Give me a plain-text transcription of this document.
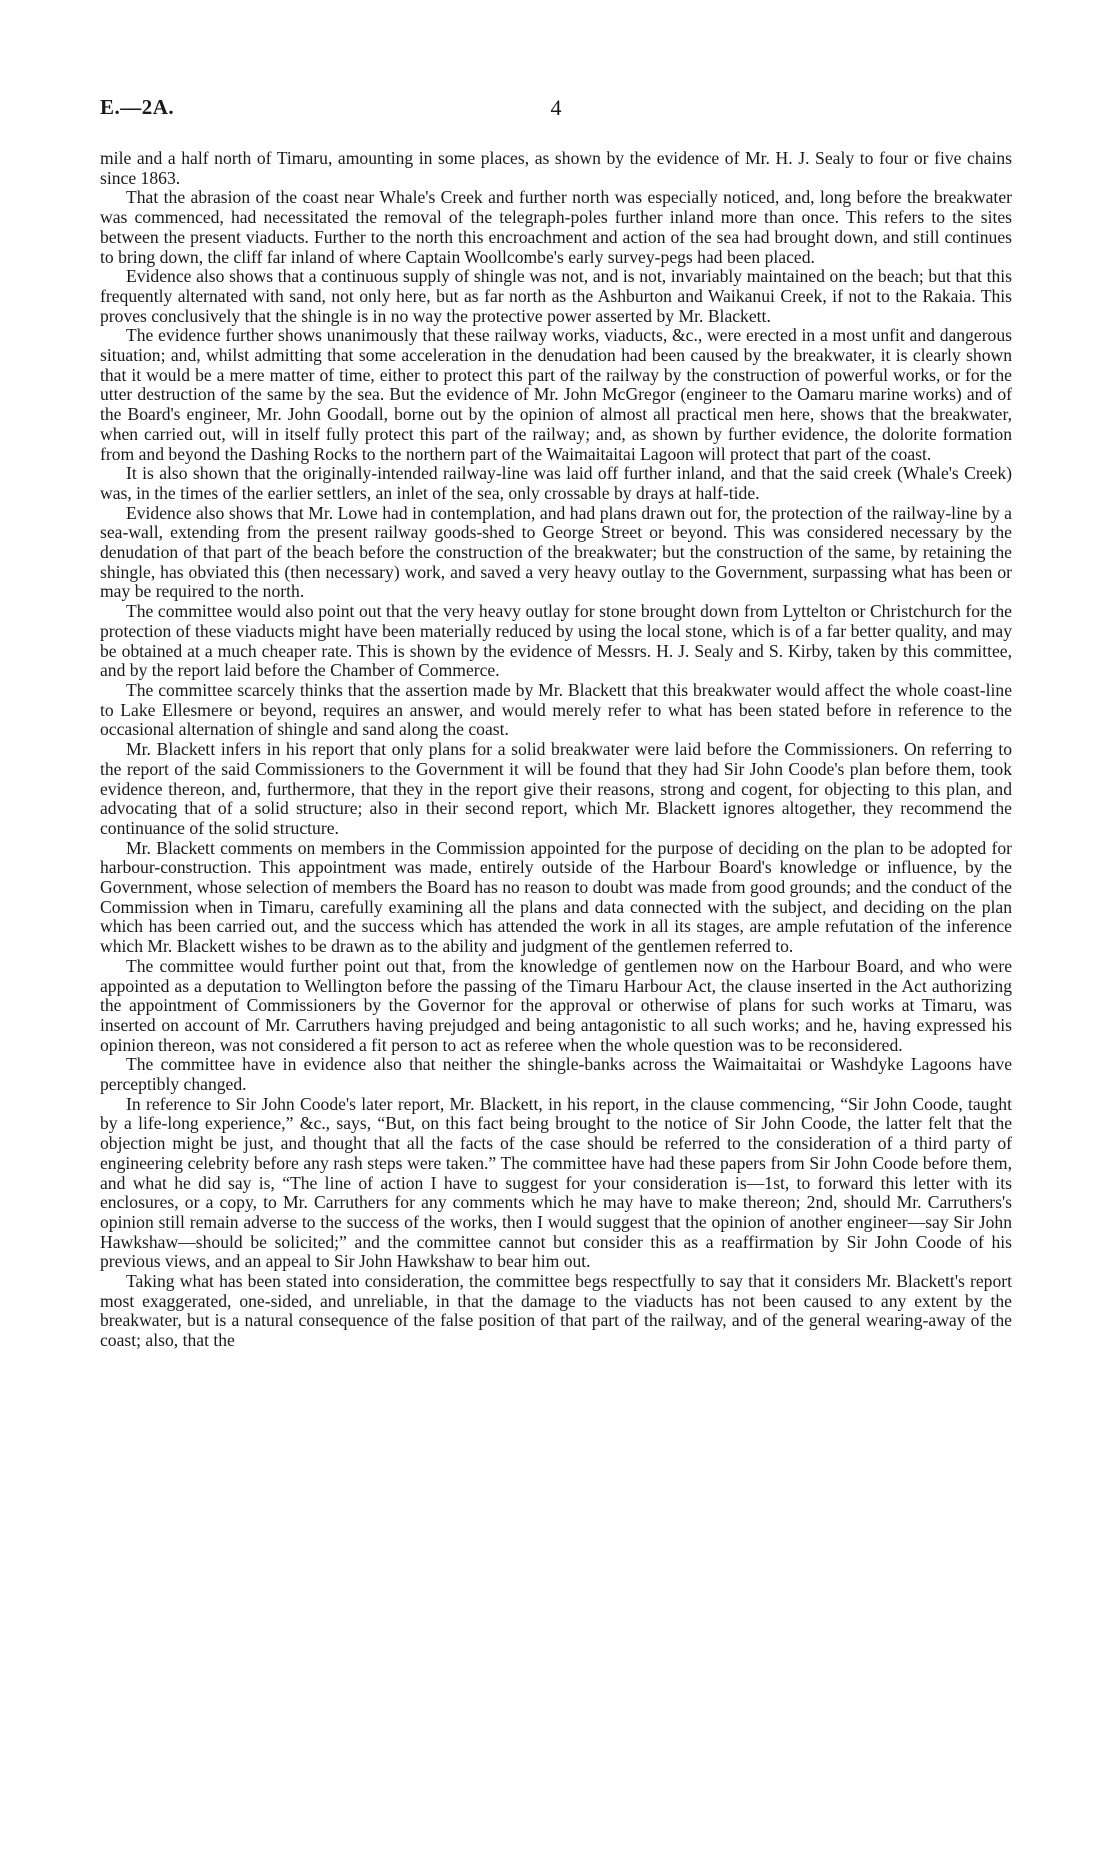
E.—2A.	4

mile and a half north of Timaru, amounting in some places, as shown by the evidence of Mr. H. J. Sealy to four or five chains since 1863.

That the abrasion of the coast near Whale's Creek and further north was especially noticed, and, long before the breakwater was commenced, had necessitated the removal of the telegraph-poles further inland more than once. This refers to the sites between the present viaducts. Further to the north this encroachment and action of the sea had brought down, and still continues to bring down, the cliff far inland of where Captain Woollcombe's early survey-pegs had been placed.

Evidence also shows that a continuous supply of shingle was not, and is not, invariably maintained on the beach; but that this frequently alternated with sand, not only here, but as far north as the Ashburton and Waikanui Creek, if not to the Rakaia. This proves conclusively that the shingle is in no way the protective power asserted by Mr. Blackett.

The evidence further shows unanimously that these railway works, viaducts, &c., were erected in a most unfit and dangerous situation; and, whilst admitting that some acceleration in the denudation had been caused by the breakwater, it is clearly shown that it would be a mere matter of time, either to protect this part of the railway by the construction of powerful works, or for the utter destruction of the same by the sea. But the evidence of Mr. John McGregor (engineer to the Oamaru marine works) and of the Board's engineer, Mr. John Goodall, borne out by the opinion of almost all practical men here, shows that the breakwater, when carried out, will in itself fully protect this part of the railway; and, as shown by further evidence, the dolorite formation from and beyond the Dashing Rocks to the northern part of the Waimaitaitai Lagoon will protect that part of the coast.

It is also shown that the originally-intended railway-line was laid off further inland, and that the said creek (Whale's Creek) was, in the times of the earlier settlers, an inlet of the sea, only crossable by drays at half-tide.

Evidence also shows that Mr. Lowe had in contemplation, and had plans drawn out for, the protection of the railway-line by a sea-wall, extending from the present railway goods-shed to George Street or beyond. This was considered necessary by the denudation of that part of the beach before the construction of the breakwater; but the construction of the same, by retaining the shingle, has obviated this (then necessary) work, and saved a very heavy outlay to the Government, surpassing what has been or may be required to the north.

The committee would also point out that the very heavy outlay for stone brought down from Lyttelton or Christchurch for the protection of these viaducts might have been materially reduced by using the local stone, which is of a far better quality, and may be obtained at a much cheaper rate. This is shown by the evidence of Messrs. H. J. Sealy and S. Kirby, taken by this committee, and by the report laid before the Chamber of Commerce.

The committee scarcely thinks that the assertion made by Mr. Blackett that this breakwater would affect the whole coast-line to Lake Ellesmere or beyond, requires an answer, and would merely refer to what has been stated before in reference to the occasional alternation of shingle and sand along the coast.

Mr. Blackett infers in his report that only plans for a solid breakwater were laid before the Commissioners. On referring to the report of the said Commissioners to the Government it will be found that they had Sir John Coode's plan before them, took evidence thereon, and, furthermore, that they in the report give their reasons, strong and cogent, for objecting to this plan, and advocating that of a solid structure; also in their second report, which Mr. Blackett ignores altogether, they recommend the continuance of the solid structure.

Mr. Blackett comments on members in the Commission appointed for the purpose of deciding on the plan to be adopted for harbour-construction. This appointment was made, entirely outside of the Harbour Board's knowledge or influence, by the Government, whose selection of members the Board has no reason to doubt was made from good grounds; and the conduct of the Commission when in Timaru, carefully examining all the plans and data connected with the subject, and deciding on the plan which has been carried out, and the success which has attended the work in all its stages, are ample refutation of the inference which Mr. Blackett wishes to be drawn as to the ability and judgment of the gentlemen referred to.

The committee would further point out that, from the knowledge of gentlemen now on the Harbour Board, and who were appointed as a deputation to Wellington before the passing of the Timaru Harbour Act, the clause inserted in the Act authorizing the appointment of Commissioners by the Governor for the approval or otherwise of plans for such works at Timaru, was inserted on account of Mr. Carruthers having prejudged and being antagonistic to all such works; and he, having expressed his opinion thereon, was not considered a fit person to act as referee when the whole question was to be reconsidered.

The committee have in evidence also that neither the shingle-banks across the Waimaitaitai or Washdyke Lagoons have perceptibly changed.

In reference to Sir John Coode's later report, Mr. Blackett, in his report, in the clause commencing, “Sir John Coode, taught by a life-long experience,” &c., says, “But, on this fact being brought to the notice of Sir John Coode, the latter felt that the objection might be just, and thought that all the facts of the case should be referred to the consideration of a third party of engineering celebrity before any rash steps were taken.” The committee have had these papers from Sir John Coode before them, and what he did say is, “The line of action I have to suggest for your consideration is—1st, to forward this letter with its enclosures, or a copy, to Mr. Carruthers for any comments which he may have to make thereon; 2nd, should Mr. Carruthers's opinion still remain adverse to the success of the works, then I would suggest that the opinion of another engineer—say Sir John Hawkshaw—should be solicited;” and the committee cannot but consider this as a reaffirmation by Sir John Coode of his previous views, and an appeal to Sir John Hawkshaw to bear him out.

Taking what has been stated into consideration, the committee begs respectfully to say that it considers Mr. Blackett's report most exaggerated, one-sided, and unreliable, in that the damage to the viaducts has not been caused to any extent by the breakwater, but is a natural consequence of the false position of that part of the railway, and of the general wearing-away of the coast; also, that the
